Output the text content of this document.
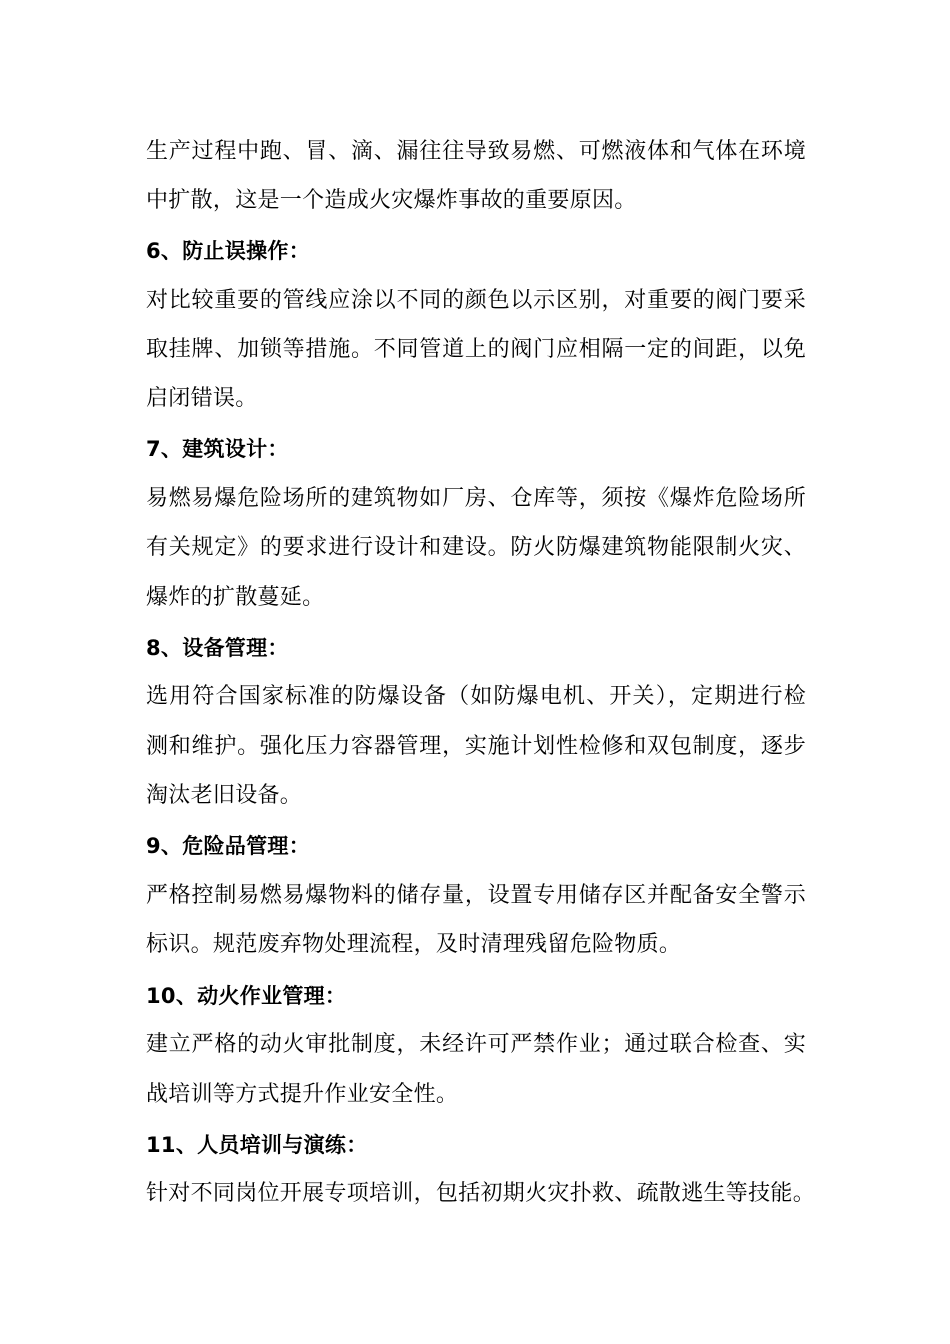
生产过程中跑、冒、滴、漏往往导致易燃、可燃液体和气体在环境
中扩散，这是一个造成火灾爆炸事故的重要原因。
6、防止误操作：
对比较重要的管线应涂以不同的颜色以示区别，对重要的阀门要采
取挂牌、加锁等措施。不同管道上的阀门应相隔一定的间距，以免
启闭错误。
7、建筑设计：
易燃易爆危险场所的建筑物如厂房、仓库等，须按《爆炸危险场所
有关规定》的要求进行设计和建设。防火防爆建筑物能限制火灾、
爆炸的扩散蔓延。
8、设备管理：
选用符合国家标准的防爆设备（如防爆电机、开关），定期进行检
测和维护。强化压力容器管理，实施计划性检修和双包制度，逐步
淘汰老旧设备。
9、危险品管理：
严格控制易燃易爆物料的储存量，设置专用储存区并配备安全警示
标识。规范废弃物处理流程，及时清理残留危险物质。
10、动火作业管理：
建立严格的动火审批制度，未经许可严禁作业；通过联合检查、实
战培训等方式提升作业安全性。
11、人员培训与演练：
针对不同岗位开展专项培训，包括初期火灾扑救、疏散逃生等技能。
